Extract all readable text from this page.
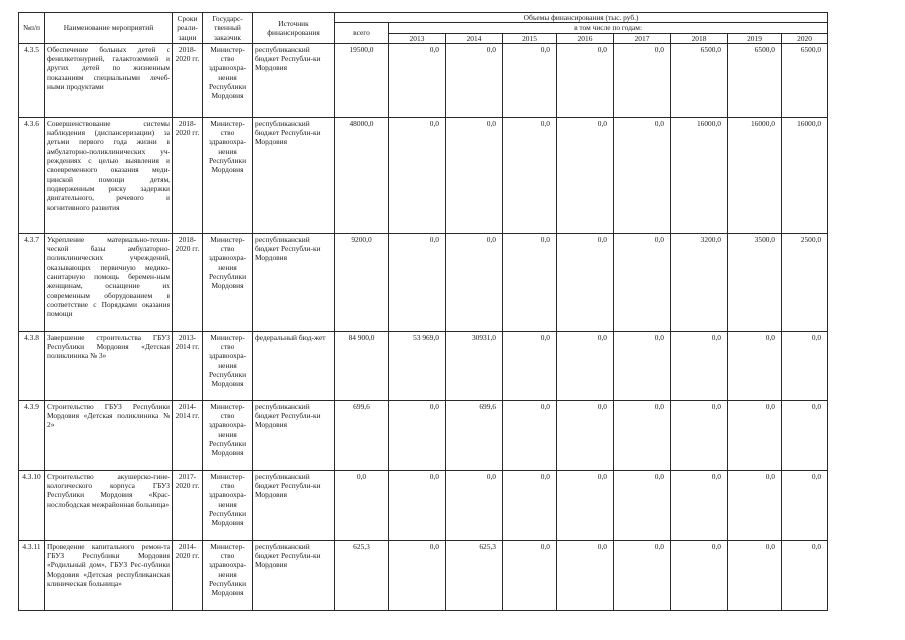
№п/п	Наименование мероприятий	Сроки реали-зации	Государс-твенный заказчик	Источник финансирования	Объемы финансирования (тыс. руб.)								
					всего	в том числе по годам:							
						2013	2014	2015	2016	2017	2018	2019	2020
4.3.5	Обеспечение больных детей с фенилкетонурией, галактоземией и других детей по жизненным показаниям специальными лечеб-ными продуктами	2018-2020 гг.	Министер-ство здравоохра-нения Республики Мордовия	республиканский бюджет Республи-ки Мордовия	19500,0	0,0	0,0	0,0	0,0	0,0	6500,0	6500,0	6500,0
4.3.6	Совершенствование системы наблюдения (диспансеризации) за детьми первого года жизни в амбулаторно-поликлинических уч-реждениях с целью выявления и своевременного оказания меди-цинской помощи детям, подверженным риску задержки двигательного, речевого и когнитивного развития	2018-2020 гг.	Министер-ство здравоохра-нения Республики Мордовия	республиканский бюджет Республи-ки Мордовия	48000,0	0,0	0,0	0,0	0,0	0,0	16000,0	16000,0	16000,0
4.3.7	Укрепление материально-техни-ческой базы амбулаторно-поликлинических учреждений, оказывающих первичную медико-санитарную помощь беремен-ным женщинам, оснащение их современным оборудованием в соответствие с Порядками оказания помощи	2018-2020 гг.	Министер-ство здравоохра-нения Республики Мордовия	республиканский бюджет Республи-ки Мордовия	9200,0	0,0	0,0	0,0	0,0	0,0	3200,0	3500,0	2500,0
4.3.8	Завершение строительства ГБУЗ Республики Мордовия «Детская поликлиника № 3»	2013-2014 гг.	Министер-ство здравоохра-нения Республики Мордовия	федеральный бюд-жет	84 900,0	53 969,0	30931,0	0,0	0,0	0,0	0,0	0,0	0,0
4.3.9	Строительство ГБУЗ Республики Мордовия «Детская поликлиника № 2»	2014-2014 гг.	Министер-ство здравоохра-нения Республики Мордовия	республиканский бюджет Республи-ки Мордовия	699,6	0,0	699,6	0,0	0,0	0,0	0,0	0,0	0,0
4.3.10	Строительство акушерско-гине-кологического корпуса ГБУЗ Республики Мордовия «Крас-нослободская межрайонная больница»	2017-2020 гг.	Министер-ство здравоохра-нения Республики Мордовия	республиканский бюджет Республи-ки Мордовия	0,0	0,0	0,0	0,0	0,0	0,0	0,0	0,0	0,0
4.3.11	Проведение капитального ремон-та ГБУЗ Республики Мордовия «Родильный дом», ГБУЗ Рес-публики Мордовия «Детская республиканская клиническая больница»	2014-2020 гг.	Министер-ство здравоохра-нения Республики Мордовия	республиканский бюджет Республи-ки Мордовия	625,3	0,0	625,3	0,0	0,0	0,0	0,0	0,0	0,0
